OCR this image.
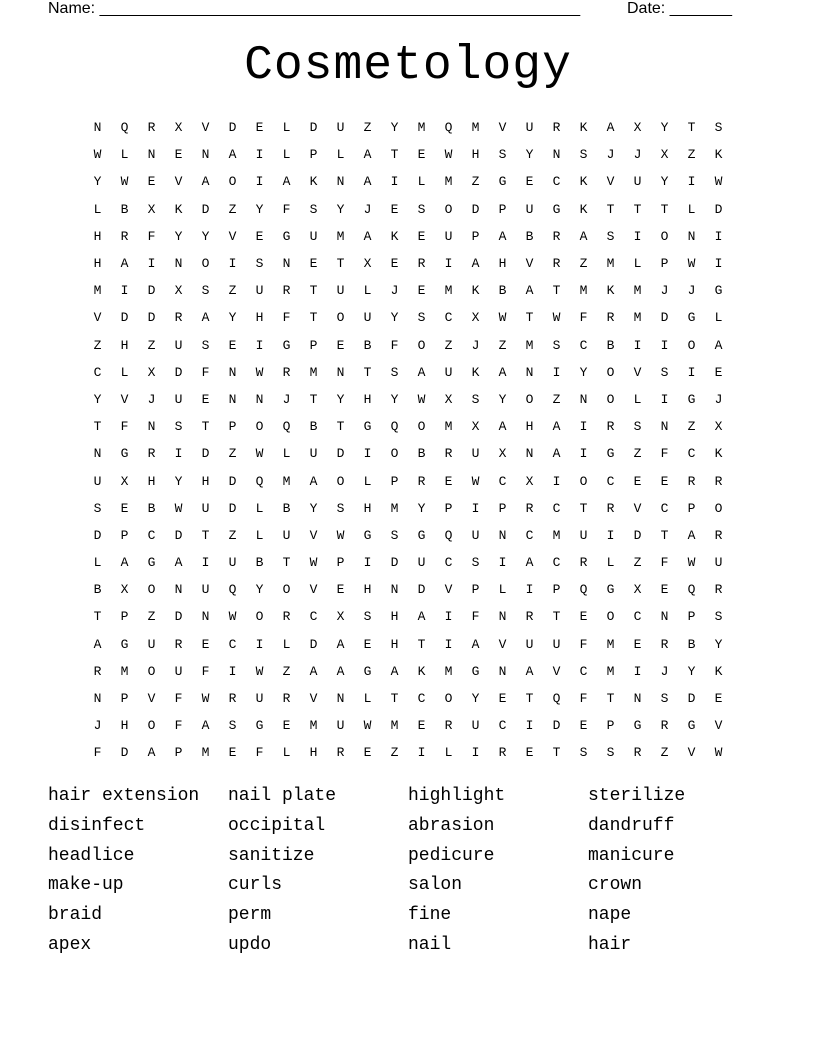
Name: ______________________________________________________	Date: _______
Cosmetology
N	Q	R	X	V	D	E	L	D	U	Z	Y	M	Q	M	V	U	R	K	A	X	Y	T	S
W	L	N	E	N	A	I	L	P	L	A	T	E	W	H	S	Y	N	S	J	J	X	Z	K
Y	W	E	V	A	O	I	A	K	N	A	I	L	M	Z	G	E	C	K	V	U	Y	I	W
L	B	X	K	D	Z	Y	F	S	Y	J	E	S	O	D	P	U	G	K	T	T	T	L	D
H	R	F	Y	Y	V	E	G	U	M	A	K	E	U	P	A	B	R	A	S	I	O	N	I
H	A	I	N	O	I	S	N	E	T	X	E	R	I	A	H	V	R	Z	M	L	P	W	I
M	I	D	X	S	Z	U	R	T	U	L	J	E	M	K	B	A	T	M	K	M	J	J	G
V	D	D	R	A	Y	H	F	T	O	U	Y	S	C	X	W	T	W	F	R	M	D	G	L
Z	H	Z	U	S	E	I	G	P	E	B	F	O	Z	J	Z	M	S	C	B	I	I	O	A
C	L	X	D	F	N	W	R	M	N	T	S	A	U	K	A	N	I	Y	O	V	S	I	E
Y	V	J	U	E	N	N	J	T	Y	H	Y	W	X	S	Y	O	Z	N	O	L	I	G	J
T	F	N	S	T	P	O	Q	B	T	G	Q	O	M	X	A	H	A	I	R	S	N	Z	X
N	G	R	I	D	Z	W	L	U	D	I	O	B	R	U	X	N	A	I	G	Z	F	C	K
U	X	H	Y	H	D	Q	M	A	O	L	P	R	E	W	C	X	I	O	C	E	E	R	R
S	E	B	W	U	D	L	B	Y	S	H	M	Y	P	I	P	R	C	T	R	V	C	P	O
D	P	C	D	T	Z	L	U	V	W	G	S	G	Q	U	N	C	M	U	I	D	T	A	R
L	A	G	A	I	U	B	T	W	P	I	D	U	C	S	I	A	C	R	L	Z	F	W	U
B	X	O	N	U	Q	Y	O	V	E	H	N	D	V	P	L	I	P	Q	G	X	E	Q	R
T	P	Z	D	N	W	O	R	C	X	S	H	A	I	F	N	R	T	E	O	C	N	P	S
A	G	U	R	E	C	I	L	D	A	E	H	T	I	A	V	U	U	F	M	E	R	B	Y
R	M	O	U	F	I	W	Z	A	A	G	A	K	M	G	N	A	V	C	M	I	J	Y	K
N	P	V	F	W	R	U	R	V	N	L	T	C	O	Y	E	T	Q	F	T	N	S	D	E
J	H	O	F	A	S	G	E	M	U	W	M	E	R	U	C	I	D	E	P	G	R	G	V
F	D	A	P	M	E	F	L	H	R	E	Z	I	L	I	R	E	T	S	S	R	Z	V	W
hair extension	nail plate	highlight	sterilize
disinfect	occipital	abrasion	dandruff
headlice	sanitize	pedicure	manicure
make-up	curls	salon	crown
braid	perm	fine	nape
apex	updo	nail	hair
